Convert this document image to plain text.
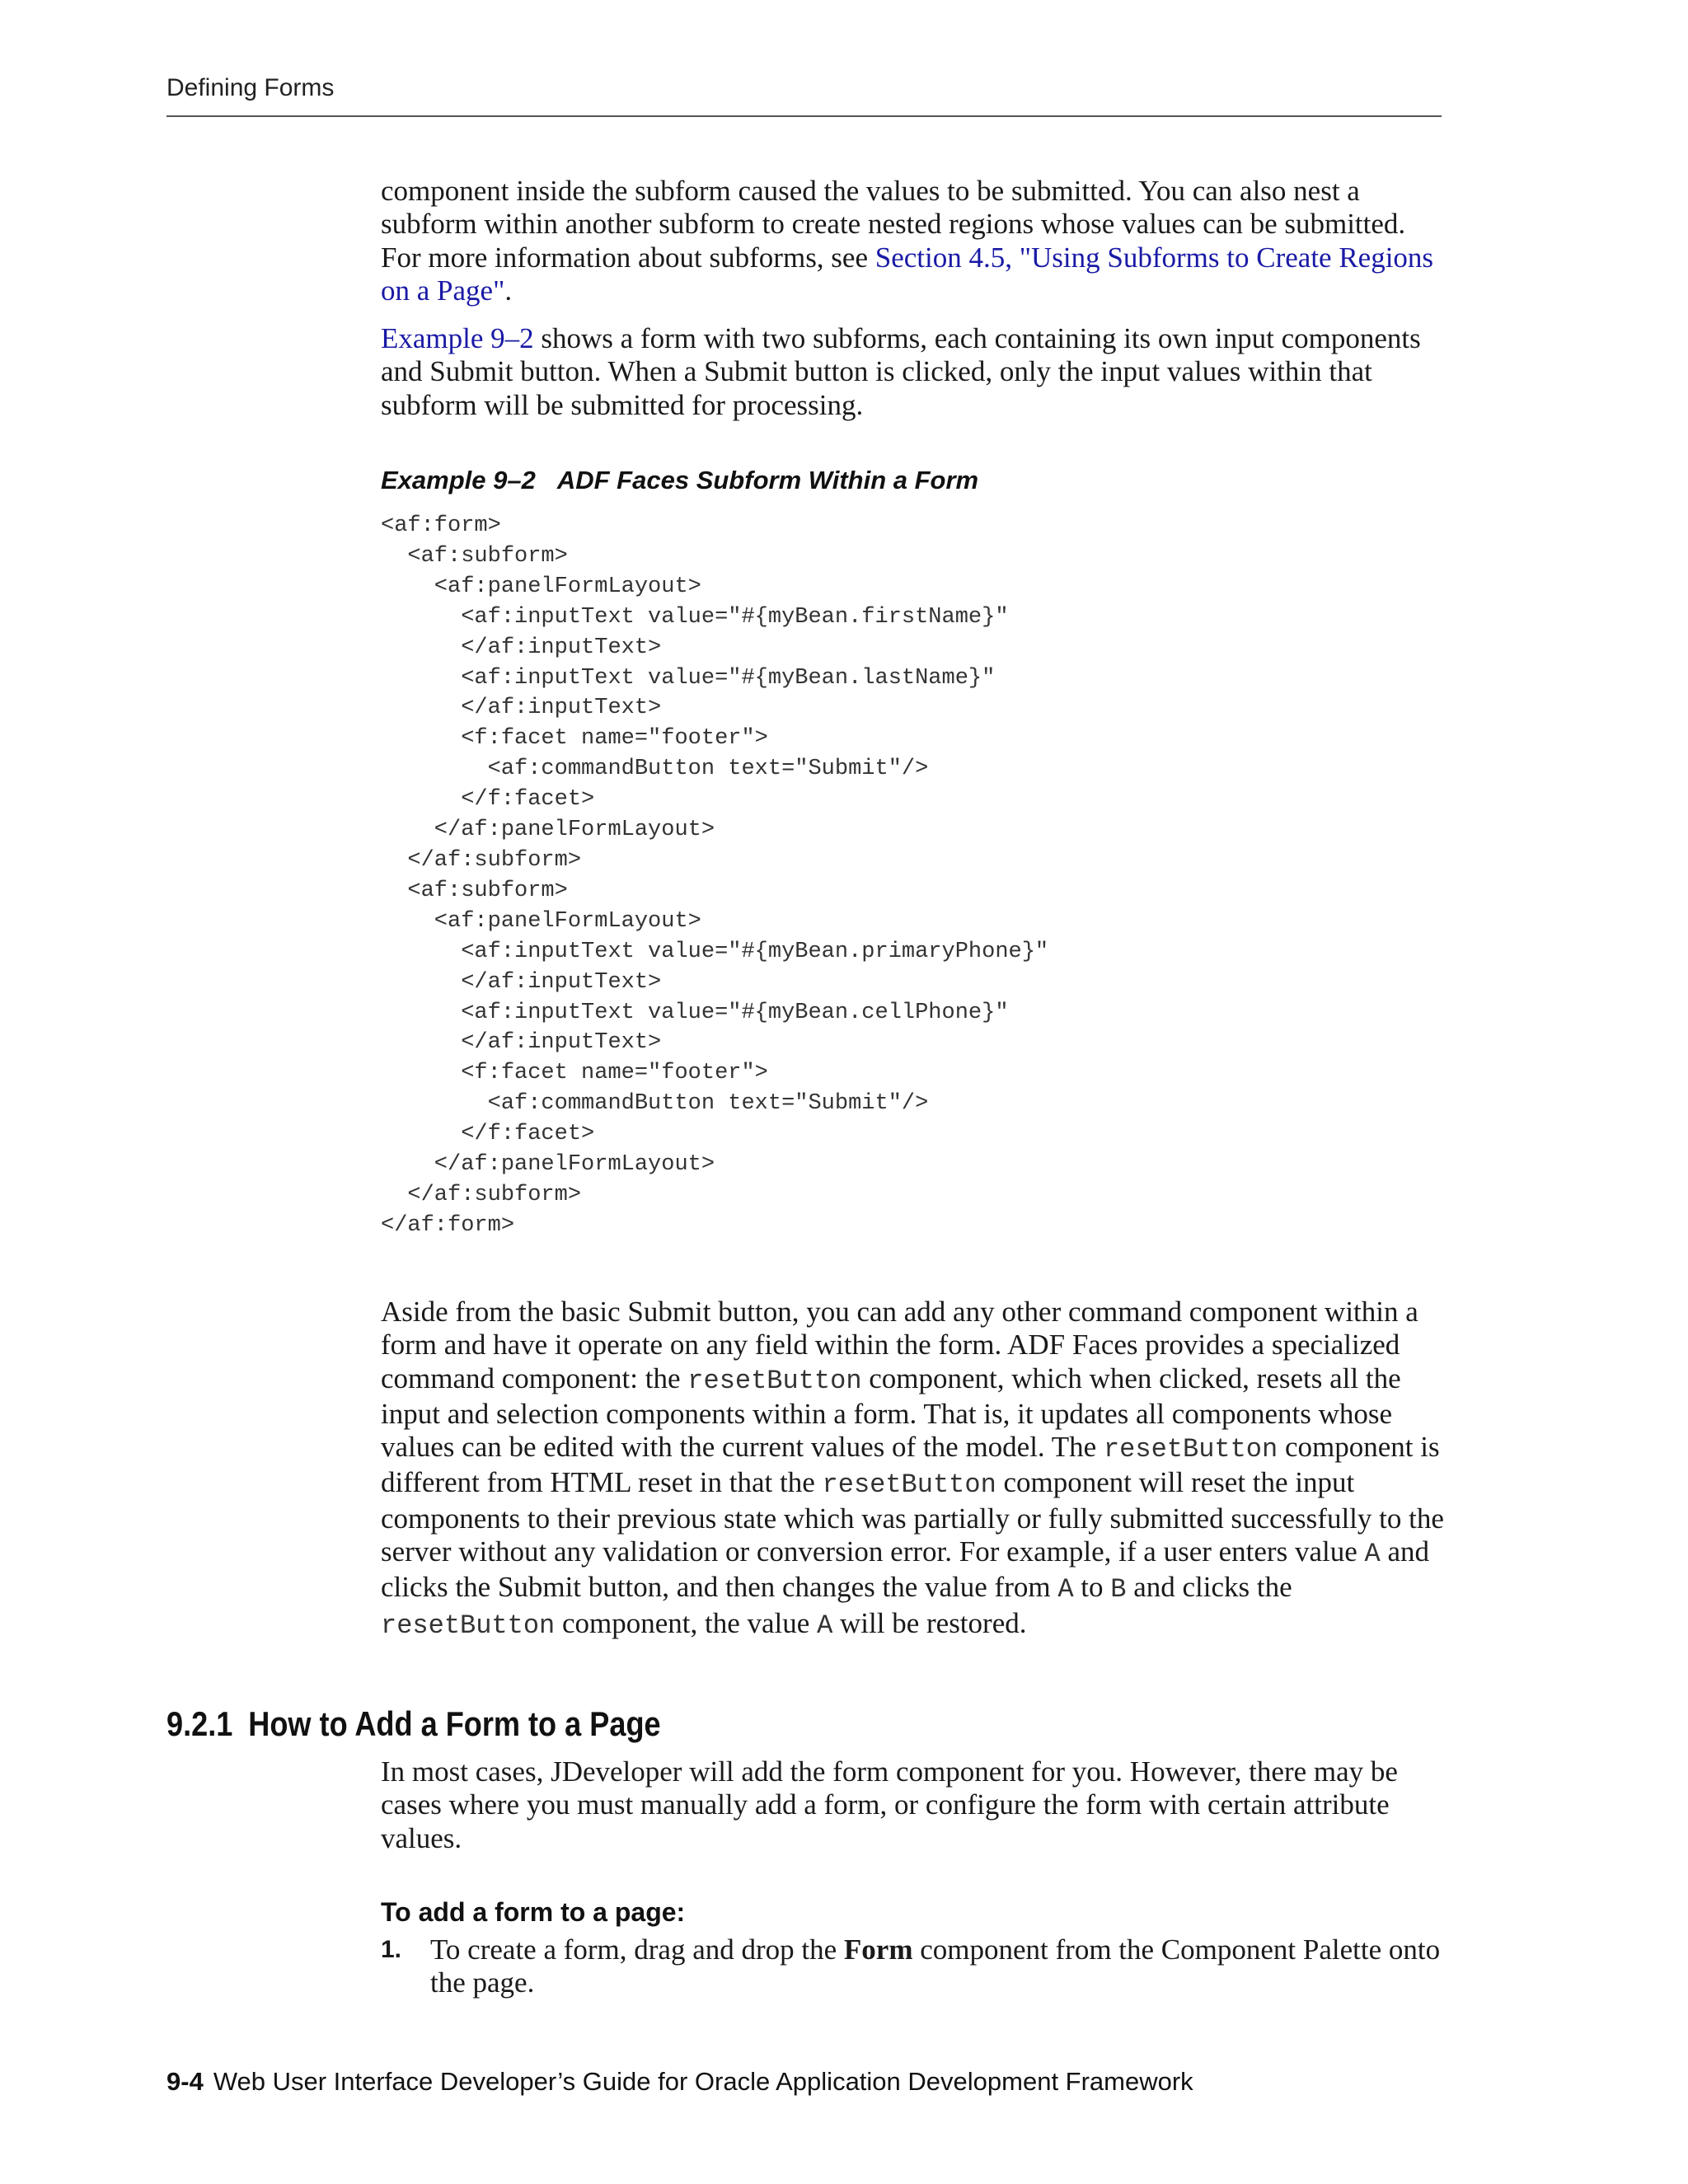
Defining Forms

component inside the subform caused the values to be submitted. You can also nest a subform within another subform to create nested regions whose values can be submitted. For more information about subforms, see Section 4.5, "Using Subforms to Create Regions on a Page".

Example 9–2 shows a form with two subforms, each containing its own input components and Submit button. When a Submit button is clicked, only the input values within that subform will be submitted for processing.

Example 9–2 ADF Faces Subform Within a Form
<af:form>
<af:subform>
<af:panelFormLayout>
<af:inputText value="#{myBean.firstName}"
</af:inputText>
<af:inputText value="#{myBean.lastName}"
</af:inputText>
<f:facet name="footer">
<af:commandButton text="Submit"/>
</f:facet>
</af:panelFormLayout>
</af:subform>
<af:subform>
<af:panelFormLayout>
<af:inputText value="#{myBean.primaryPhone}"
</af:inputText>
<af:inputText value="#{myBean.cellPhone}"
</af:inputText>
<f:facet name="footer">
<af:commandButton text="Submit"/>
</f:facet>
</af:panelFormLayout>
</af:subform>
</af:form>

Aside from the basic Submit button, you can add any other command component within a form and have it operate on any field within the form. ADF Faces provides a specialized command component: the resetButton component, which when clicked, resets all the input and selection components within a form. That is, it updates all components whose values can be edited with the current values of the model. The resetButton component is different from HTML reset in that the resetButton component will reset the input components to their previous state which was partially or fully submitted successfully to the server without any validation or conversion error. For example, if a user enters value A and clicks the Submit button, and then changes the value from A to B and clicks the resetButton component, the value A will be restored.

9.2.1 How to Add a Form to a Page

In most cases, JDeveloper will add the form component for you. However, there may be cases where you must manually add a form, or configure the form with certain attribute values.

To add a form to a page:
1. To create a form, drag and drop the Form component from the Component Palette onto the page.

9-4 Web User Interface Developer’s Guide for Oracle Application Development Framework
